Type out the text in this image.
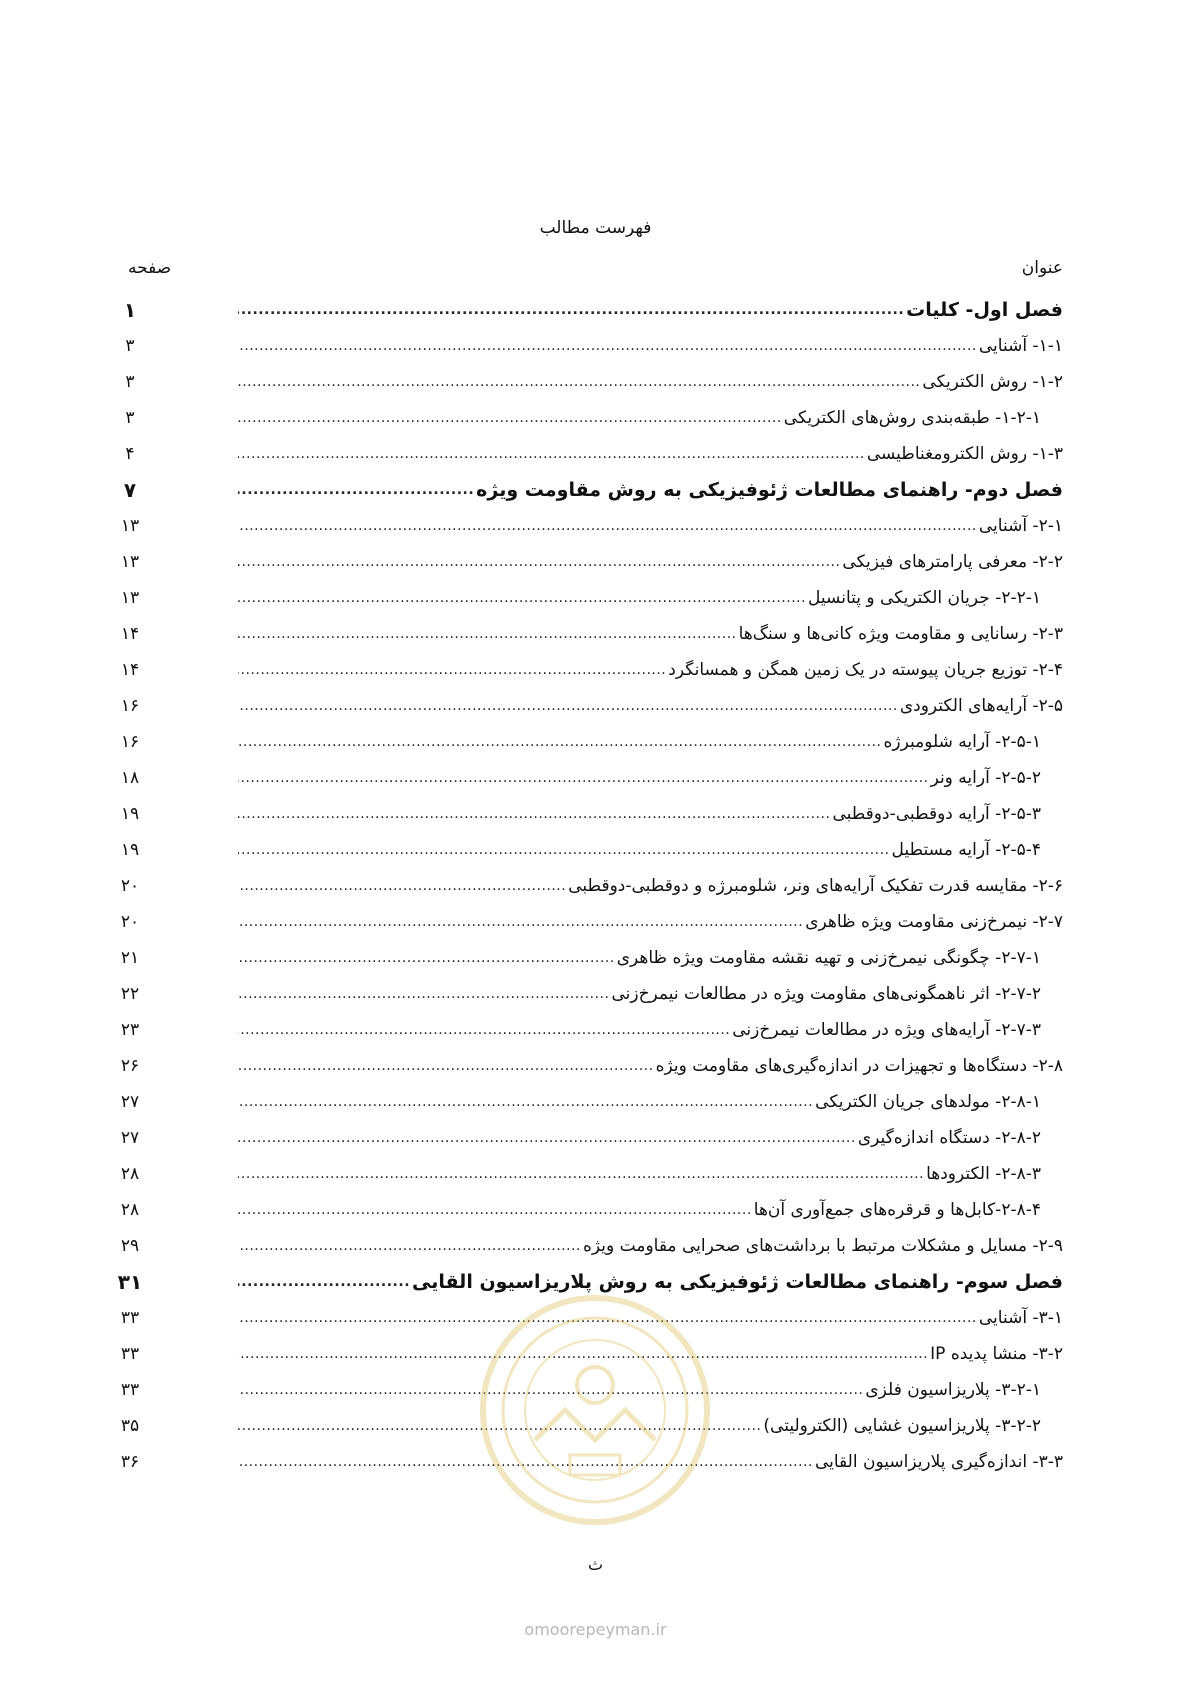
فهرست مطالب
عنوان
صفحه
فصل اول- کلیات
.....
۱
۱-۱- آشنایی
.....
۳
۱-۲- روش الکتریکی
.....
۳
۱-۲-۱- طبقه‌بندی روش‌های الکتریکی
.....
۳
۱-۳- روش الکترومغناطیسی
.....
۴
فصل دوم- راهنمای مطالعات ژئوفیزیکی به روش مقاومت ویژه
.....
۷
۲-۱- آشنایی
.....
۱۳
۲-۲- معرفی پارامترهای فیزیکی
.....
۱۳
۲-۲-۱- جریان الکتریکی و پتانسیل
.....
۱۳
۲-۳- رسانایی و مقاومت ویژه کانی‌ها و سنگ‌ها
.....
۱۴
۲-۴- توزیع جریان پیوسته در یک زمین همگن و همسانگرد
.....
۱۴
۲-۵- آرایه‌های الکترودی
.....
۱۶
۲-۵-۱- آرایه شلومبرژه
.....
۱۶
۲-۵-۲- آرایه ونر
.....
۱۸
۲-۵-۳- آرایه دوقطبی-دوقطبی
.....
۱۹
۲-۵-۴- آرایه مستطیل
.....
۱۹
۲-۶- مقایسه قدرت تفکیک آرایه‌های ونر، شلومبرژه و دوقطبی-دوقطبی
.....
۲۰
۲-۷- نیمرخ‌زنی مقاومت ویژه ظاهری
.....
۲۰
۲-۷-۱- چگونگی نیمرخ‌زنی و تهیه نقشه مقاومت ویژه ظاهری
.....
۲۱
۲-۷-۲- اثر ناهمگونی‌های مقاومت ویژه در مطالعات نیمرخ‌زنی
.....
۲۲
۲-۷-۳- آرایه‌های ویژه در مطالعات نیمرخ‌زنی
.....
۲۳
۲-۸- دستگاه‌ها و تجهیزات در اندازه‌گیری‌های مقاومت ویژه
.....
۲۶
۲-۸-۱- مولدهای جریان الکتریکی
.....
۲۷
۲-۸-۲- دستگاه اندازه‌گیری
.....
۲۷
۲-۸-۳- الکترودها
.....
۲۸
۲-۸-۴-کابل‌ها و قرقره‌های جمع‌آوری آن‌ها
.....
۲۸
۲-۹- مسایل و مشکلات مرتبط با برداشت‌های صحرایی مقاومت ویژه
.....
۲۹
فصل سوم- راهنمای مطالعات ژئوفیزیکی به روش پلاریزاسیون القایی
.....
۳۱
۳-۱- آشنایی
.....
۳۳
۳-۲- منشا پدیده IP
.....
۳۳
۳-۲-۱- پلاریزاسیون فلزی
.....
۳۳
۳-۲-۲- پلاریزاسیون غشایی (الکترولیتی)
.....
۳۵
۳-۳- اندازه‌گیری پلاریزاسیون القایی
.....
۳۶
ث
omoorepeyman.ir
